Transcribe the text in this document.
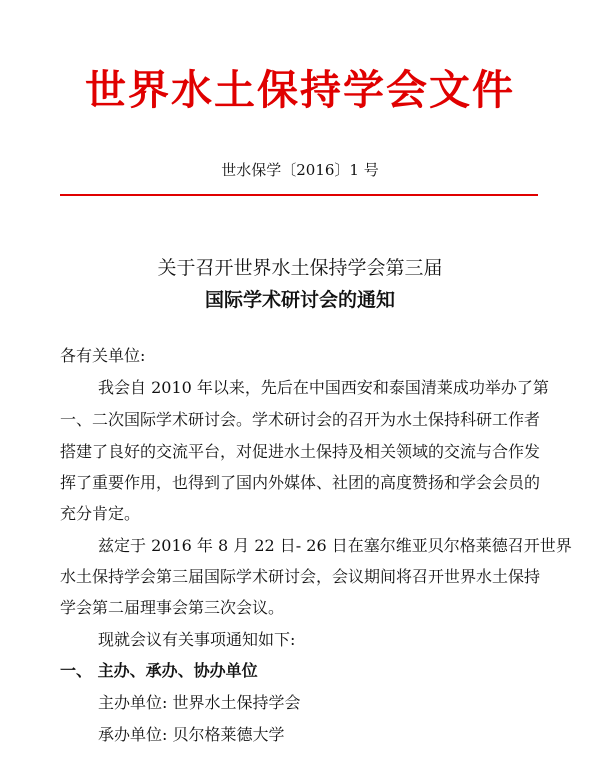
世界水土保持学会文件
世水保学〔2016〕1 号
关于召开世界水土保持学会第三届
国际学术研讨会的通知
各有关单位:
我会自 2010 年以来，先后在中国西安和泰国清莱成功举办了第
一、二次国际学术研讨会。学术研讨会的召开为水土保持科研工作者
搭建了良好的交流平台，对促进水土保持及相关领域的交流与合作发
挥了重要作用，也得到了国内外媒体、社团的高度赞扬和学会会员的
充分肯定。
兹定于 2016 年 8 月 22 日- 26 日在塞尔维亚贝尔格莱德召开世界
水土保持学会第三届国际学术研讨会，会议期间将召开世界水土保持
学会第二届理事会第三次会议。
现就会议有关事项通知如下:
一、 主办、承办、协办单位
主办单位: 世界水土保持学会
承办单位: 贝尔格莱德大学
